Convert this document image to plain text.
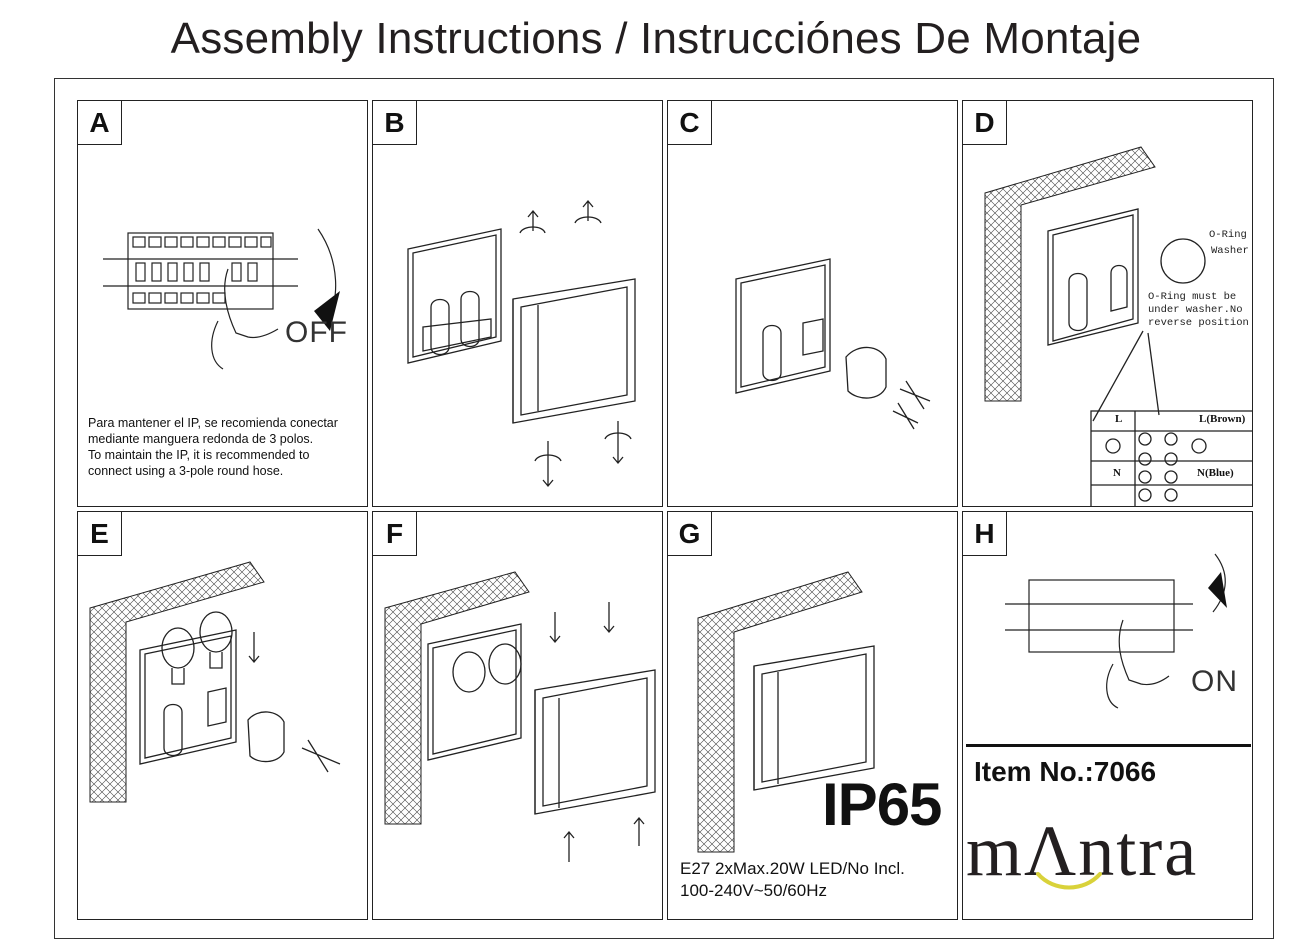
Assembly Instructions / Instrucciónes De Montaje
A
OFF
Para mantener el IP, se recomienda conectar
mediante manguera redonda de 3 polos.
To maintain the IP, it is recommended to
connect using a 3-pole round hose.
B	C	D
O-Ring
Washer
O-Ring must be
under washer.No
reverse position
L	L(Brown)
N	N(Blue)
E	F	G
E27 2xMax.20W LED/No Incl.
100-240V~50/60Hz
H
ON
IP65 Item No.:7066
mΛntra
